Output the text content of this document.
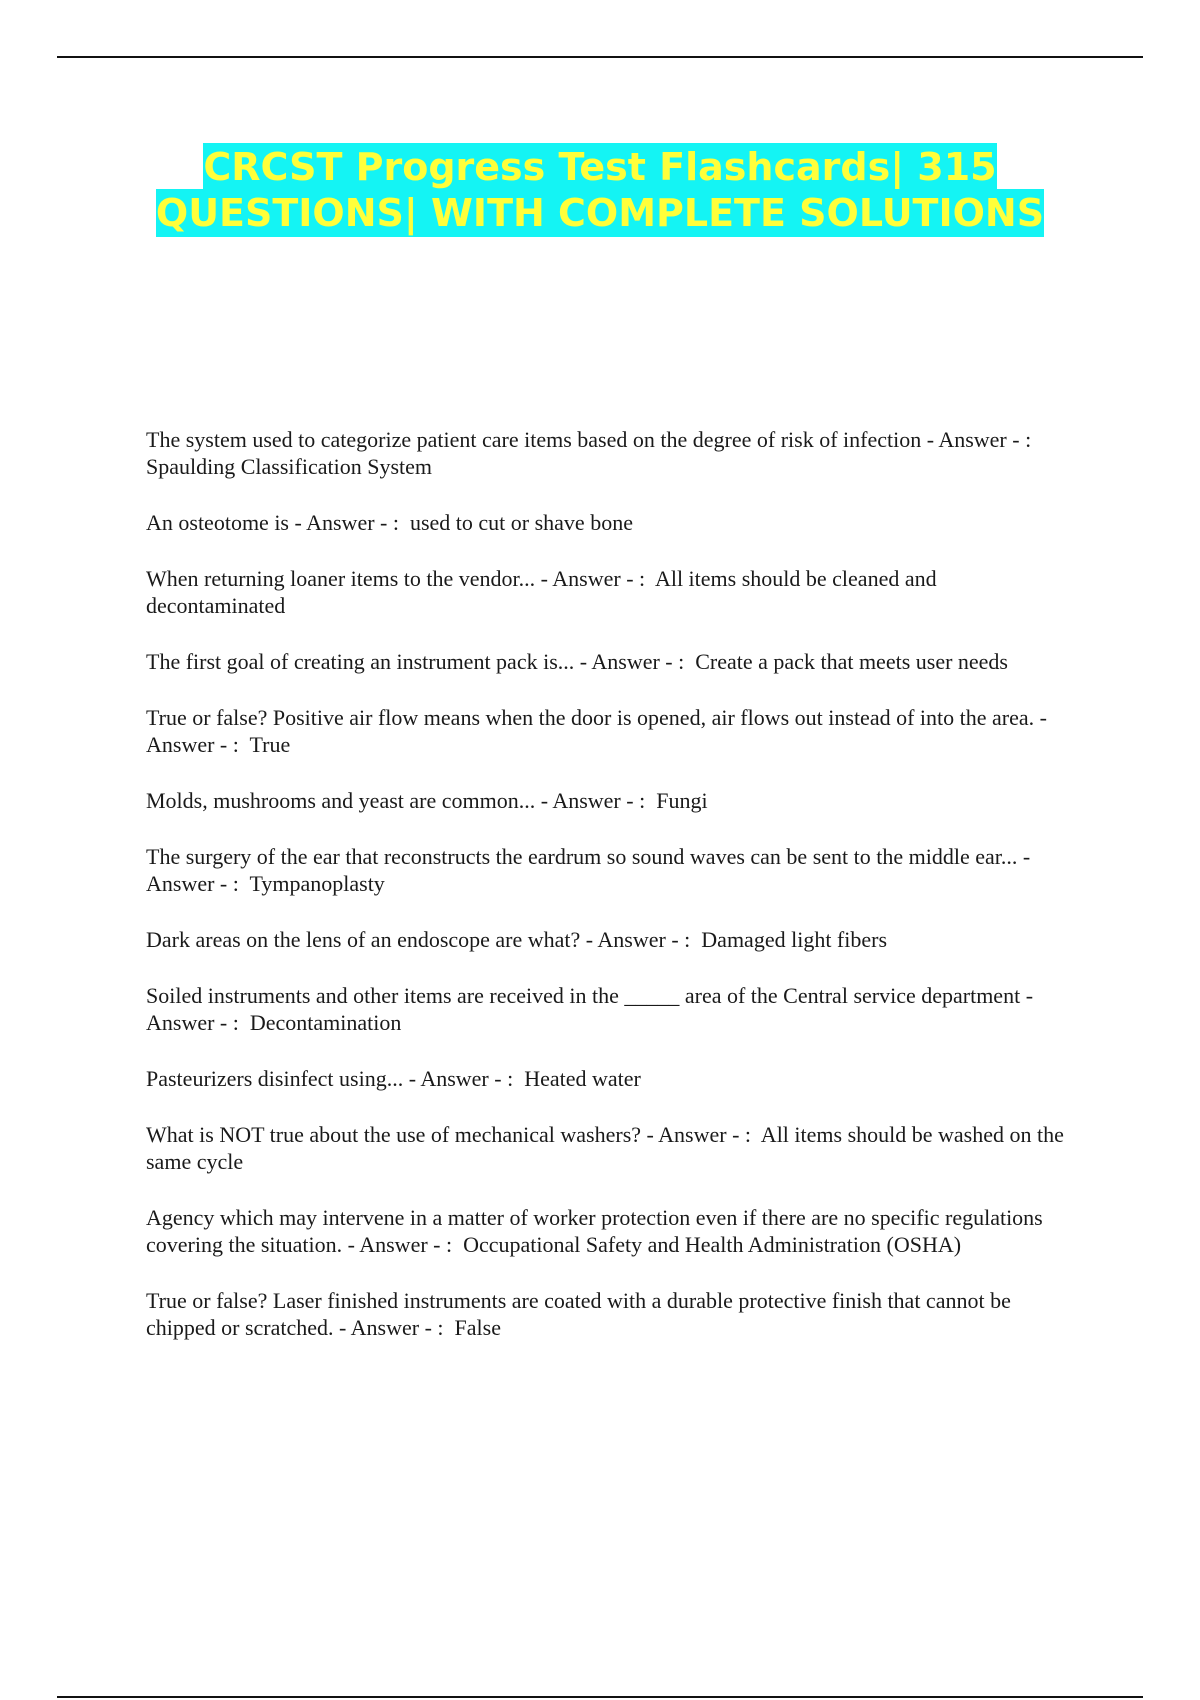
CRCST Progress Test Flashcards| 315 QUESTIONS| WITH COMPLETE SOLUTIONS
The system used to categorize patient care items based on the degree of risk of infection - Answer - :  Spaulding Classification System
An osteotome is - Answer - :  used to cut or shave bone
When returning loaner items to the vendor... - Answer - :  All items should be cleaned and decontaminated
The first goal of creating an instrument pack is... - Answer - :  Create a pack that meets user needs
True or false? Positive air flow means when the door is opened, air flows out instead of into the area. - Answer - :  True
Molds, mushrooms and yeast are common... - Answer - :  Fungi
The surgery of the ear that reconstructs the eardrum so sound waves can be sent to the middle ear... - Answer - :  Tympanoplasty
Dark areas on the lens of an endoscope are what? - Answer - :  Damaged light fibers
Soiled instruments and other items are received in the _____ area of the Central service department - Answer - :  Decontamination
Pasteurizers disinfect using... - Answer - :  Heated water
What is NOT true about the use of mechanical washers? - Answer - :  All items should be washed on the same cycle
Agency which may intervene in a matter of worker protection even if there are no specific regulations covering the situation. - Answer - :  Occupational Safety and Health Administration (OSHA)
True or false? Laser finished instruments are coated with a durable protective finish that cannot be chipped or scratched. - Answer - :  False
